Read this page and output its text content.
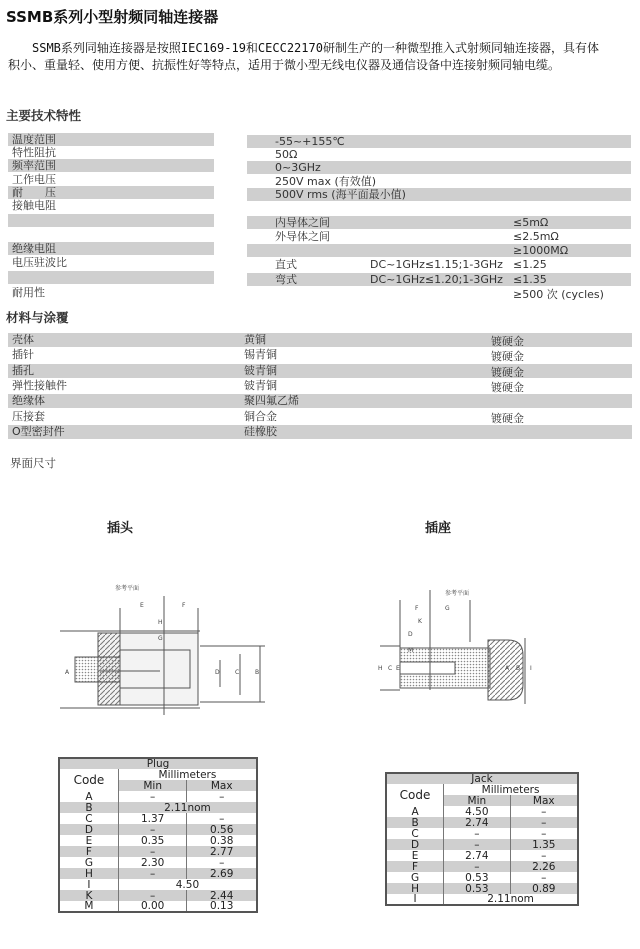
SSMB系列小型射频同轴连接器
　　SSMB系列同轴连接器是按照IEC169-19和CECC22170研制生产的一种微型推入式射频同轴连接器，具有体
积小、重量轻、使用方便、抗振性好等特点，适用于微小型无线电仪器及通信设备中连接射频同轴电缆。
主要技术特性
温度范围	-55~+155℃
特性阻抗	50Ω
频率范围	0~3GHz
工作电压	250V max (有效值)
耐　　压	500V rms (海平面最小值)
接触电阻
内导体之间	≤5mΩ
外导体之间	≤2.5mΩ
绝缘电阻	≥1000MΩ
电压驻波比	直式	DC~1GHz≤1.15;1-3GHz ≤1.25
弯式	DC~1GHz≤1.20;1-3GHz ≤1.35
耐用性	≥500 次 (cycles)
材料与涂覆
壳体	黄铜	镀硬金
插针	锡青铜	镀硬金
插孔	铍青铜	镀硬金
弹性接触件	铍青铜	镀硬金
绝缘体	聚四氟乙烯
压接套	铜合金	镀硬金
O型密封件	硅橡胶
界面尺寸
插头	插座
参考平面
E	F
H
G
A	D	C	B
参考平面
F	G
K
D
M
H C E	A B I
Plug		
Code	Millimeters	
	Min	Max
A	–	–
B	2.11nom	
C	1.37	–
D	–	0.56
E	0.35	0.38
F	–	2.77
G	2.30	–
H	–	2.69
I	4.50	
K	–	2.44
M	0.00	0.13
Jack		
Code	Millimeters	
	Min	Max
A	4.50	–
B	2.74	–
C	–	–
D	–	1.35
E	2.74	–
F	–	2.26
G	0.53	–
H	0.53	0.89
I	2.11nom	
